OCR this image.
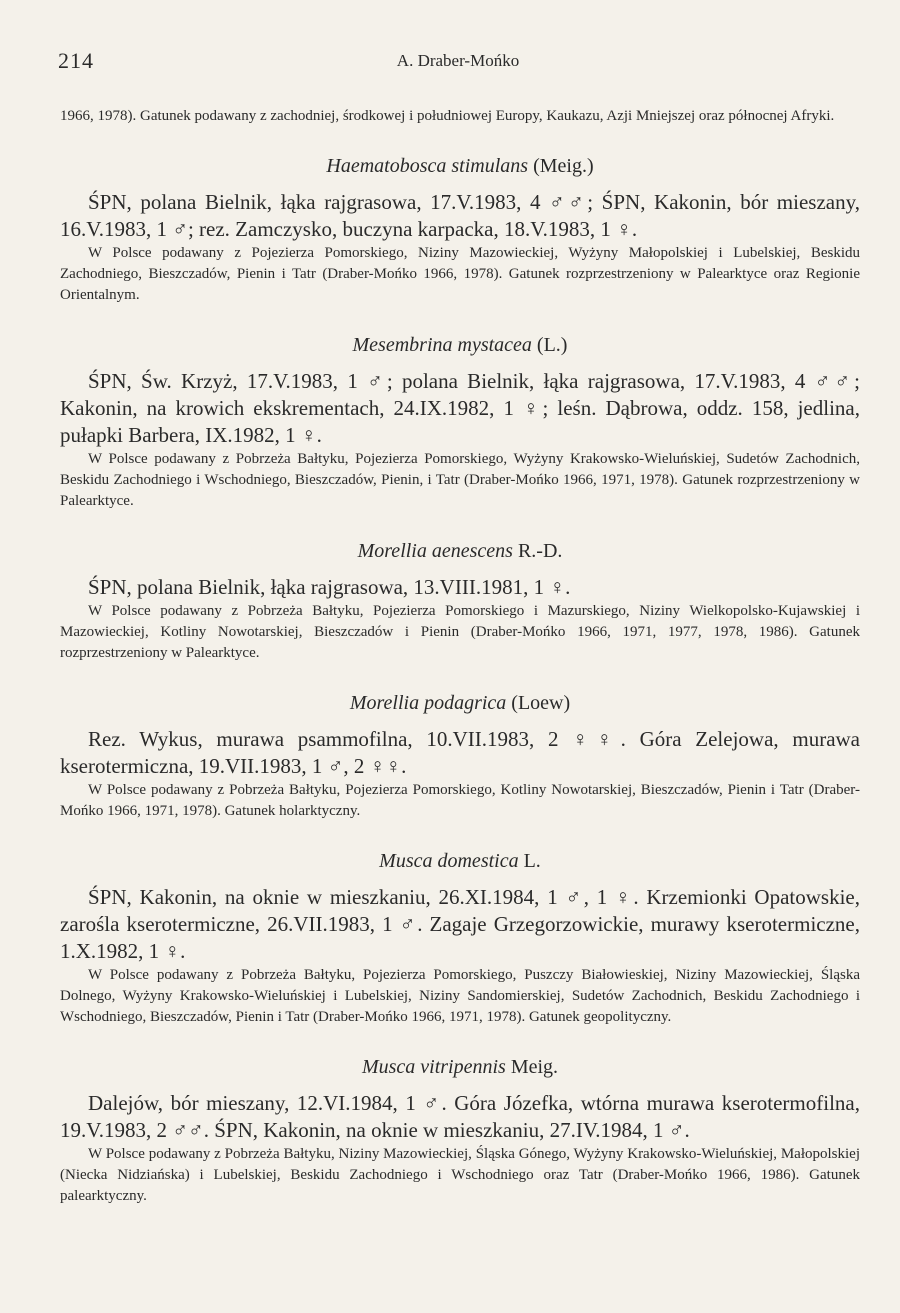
214	A. Draber-Mońko

1966, 1978). Gatunek podawany z zachodniej, środkowej i południowej Europy, Kaukazu, Azji Mniejszej oraz północnej Afryki.

Haematobosca stimulans (Meig.)

ŚPN, polana Bielnik, łąka rajgrasowa, 17.V.1983, 4 ♂♂; ŚPN, Kakonin, bór mieszany, 16.V.1983, 1 ♂; rez. Zamczysko, buczyna karpacka, 18.V.1983, 1 ♀.

W Polsce podawany z Pojezierza Pomorskiego, Niziny Mazowieckiej, Wyżyny Małopolskiej i Lubelskiej, Beskidu Zachodniego, Bieszczadów, Pienin i Tatr (Draber-Mońko 1966, 1978). Gatunek rozprzestrzeniony w Palearktyce oraz Regionie Orientalnym.

Mesembrina mystacea (L.)

ŚPN, Św. Krzyż, 17.V.1983, 1 ♂; polana Bielnik, łąka rajgrasowa, 17.V.1983, 4 ♂♂; Kakonin, na krowich ekskrementach, 24.IX.1982, 1 ♀; leśn. Dąbrowa, oddz. 158, jedlina, pułapki Barbera, IX.1982, 1 ♀.

W Polsce podawany z Pobrzeża Bałtyku, Pojezierza Pomorskiego, Wyżyny Krakowsko-Wieluńskiej, Sudetów Zachodnich, Beskidu Zachodniego i Wschodniego, Bieszczadów, Pienin, i Tatr (Draber-Mońko 1966, 1971, 1978). Gatunek rozprzestrzeniony w Palearktyce.

Morellia aenescens R.-D.

ŚPN, polana Bielnik, łąka rajgrasowa, 13.VIII.1981, 1 ♀.

W Polsce podawany z Pobrzeża Bałtyku, Pojezierza Pomorskiego i Mazurskiego, Niziny Wielkopolsko-Kujawskiej i Mazowieckiej, Kotliny Nowotarskiej, Bieszczadów i Pienin (Draber-Mońko 1966, 1971, 1977, 1978, 1986). Gatunek rozprzestrzeniony w Palearktyce.

Morellia podagrica (Loew)

Rez. Wykus, murawa psammofilna, 10.VII.1983, 2 ♀♀. Góra Zelejowa, murawa kserotermiczna, 19.VII.1983, 1 ♂, 2 ♀♀.

W Polsce podawany z Pobrzeża Bałtyku, Pojezierza Pomorskiego, Kotliny Nowotarskiej, Bieszczadów, Pienin i Tatr (Draber-Mońko 1966, 1971, 1978). Gatunek holarktyczny.

Musca domestica L.

ŚPN, Kakonin, na oknie w mieszkaniu, 26.XI.1984, 1 ♂, 1 ♀. Krzemionki Opatowskie, zarośla kserotermiczne, 26.VII.1983, 1 ♂. Zagaje Grzegorzowickie, murawy kserotermiczne, 1.X.1982, 1 ♀.

W Polsce podawany z Pobrzeża Bałtyku, Pojezierza Pomorskiego, Puszczy Białowieskiej, Niziny Mazowieckiej, Śląska Dolnego, Wyżyny Krakowsko-Wieluńskiej i Lubelskiej, Niziny Sandomierskiej, Sudetów Zachodnich, Beskidu Zachodniego i Wschodniego, Bieszczadów, Pienin i Tatr (Draber-Mońko 1966, 1971, 1978). Gatunek geopolityczny.

Musca vitripennis Meig.

Dalejów, bór mieszany, 12.VI.1984, 1 ♂. Góra Józefka, wtórna murawa kserotermofilna, 19.V.1983, 2 ♂♂. ŚPN, Kakonin, na oknie w mieszkaniu, 27.IV.1984, 1 ♂.

W Polsce podawany z Pobrzeża Bałtyku, Niziny Mazowieckiej, Śląska Gónego, Wyżyny Krakowsko-Wieluńskiej, Małopolskiej (Niecka Nidziańska) i Lubelskiej, Beskidu Zachodniego i Wschodniego oraz Tatr (Draber-Mońko 1966, 1986). Gatunek palearktyczny.
